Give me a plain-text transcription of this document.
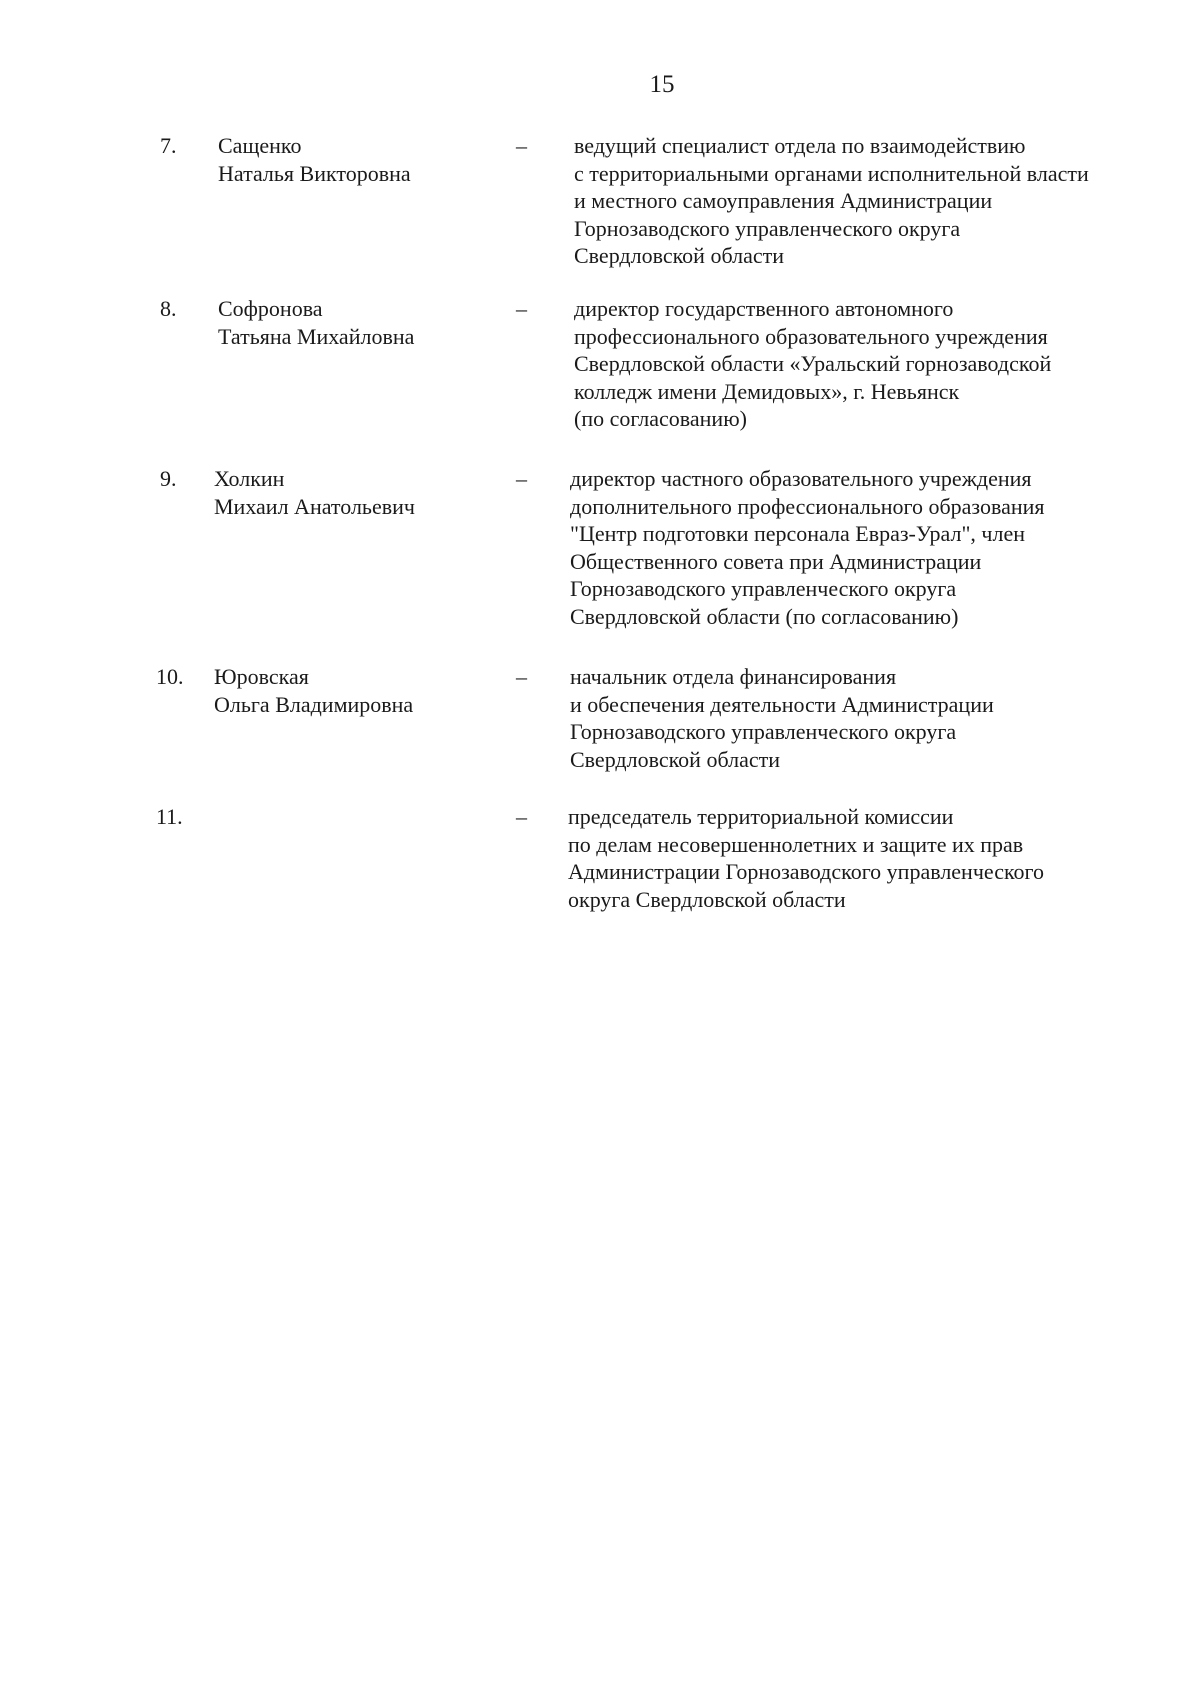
15
7. Сащенко
Наталья Викторовна
– ведущий специалист отдела по взаимодействию
с территориальными органами исполнительной власти
и местного самоуправления Администрации
Горнозаводского управленческого округа
Свердловской области
8. Софронова
Татьяна Михайловна
– директор государственного автономного
профессионального образовательного учреждения
Свердловской области «Уральский горнозаводской
колледж имени Демидовых», г. Невьянск
(по согласованию)
9. Холкин
Михаил Анатольевич
– директор частного образовательного учреждения
дополнительного профессионального образования
"Центр подготовки персонала Евраз-Урал", член
Общественного совета при Администрации
Горнозаводского управленческого округа
Свердловской области (по согласованию)
10. Юровская
Ольга Владимировна
– начальник отдела финансирования
и обеспечения деятельности Администрации
Горнозаводского управленческого округа
Свердловской области
11.	– председатель территориальной комиссии
по делам несовершеннолетних и защите их прав
Администрации Горнозаводского управленческого
округа Свердловской области
